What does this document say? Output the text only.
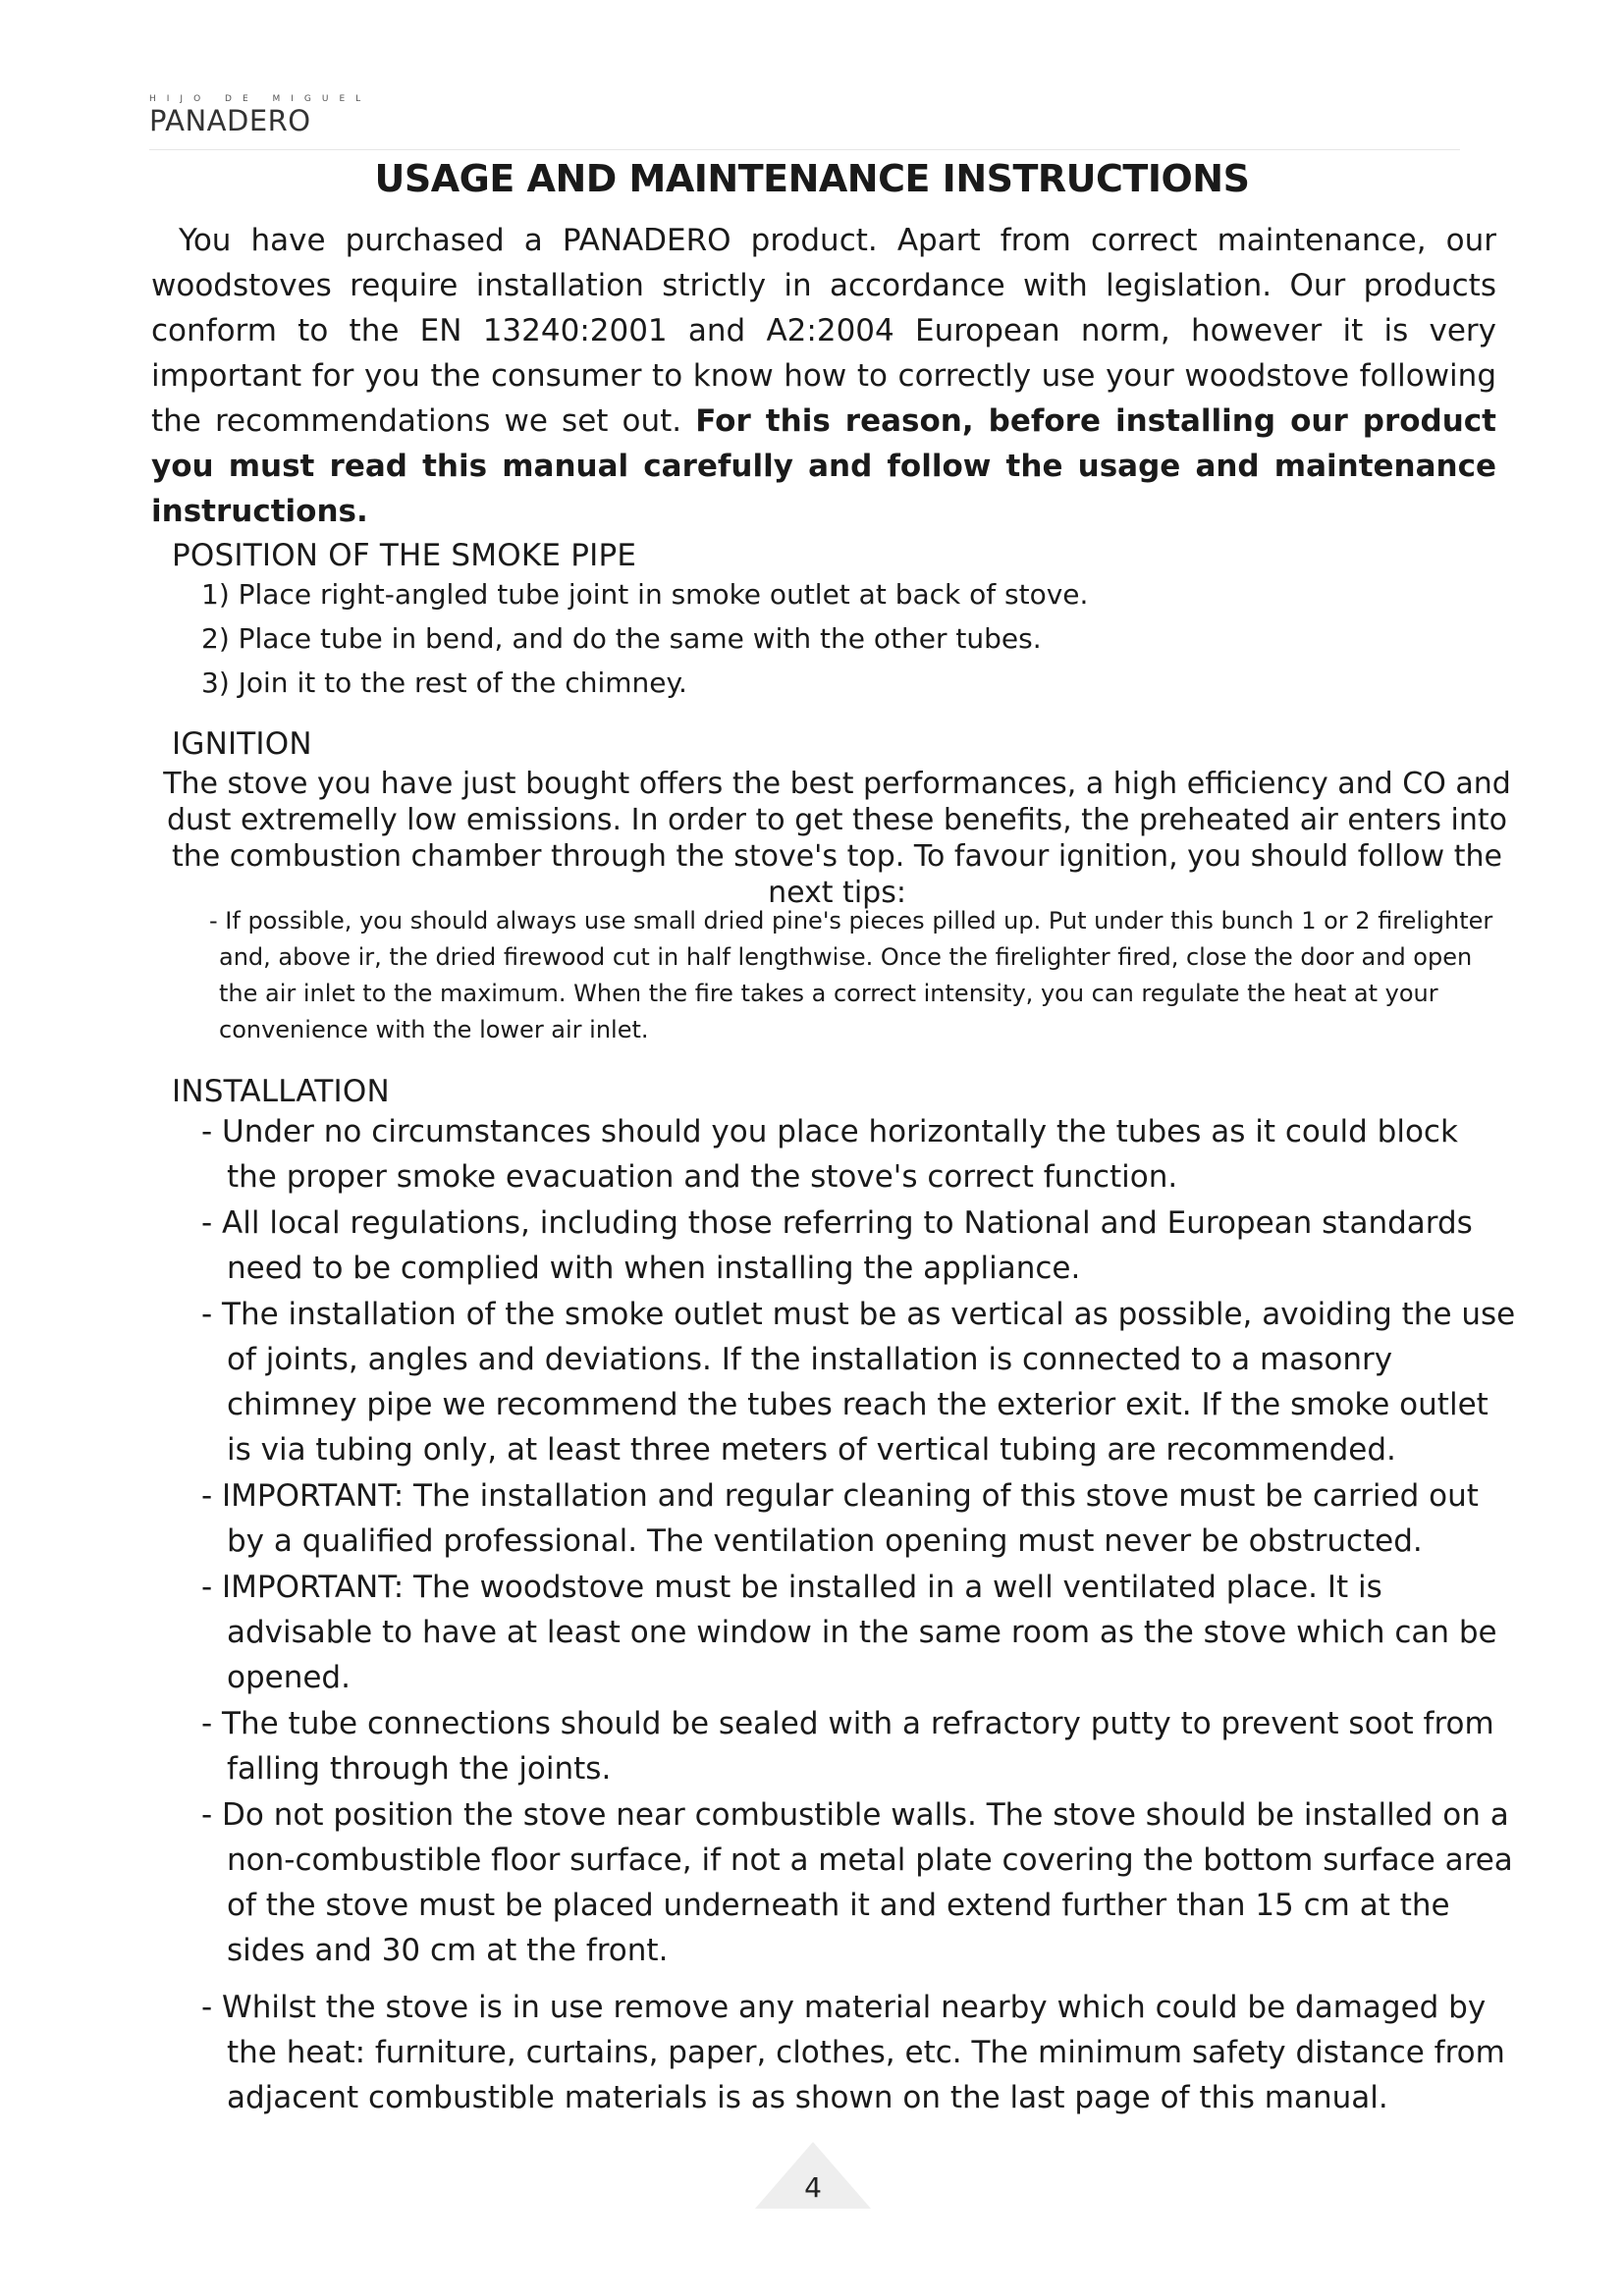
HIJO DE MIGUEL
PANADERO
USAGE AND MAINTENANCE INSTRUCTIONS

You have purchased a PANADERO product. Apart from correct maintenance, our woodstoves require installation strictly in accordance with legislation. Our products conform to the EN 13240:2001 and A2:2004 European norm, however it is very important for you the consumer to know how to correctly use your woodstove following the recommendations we set out. For this reason, before installing our product you must read this manual carefully and follow the usage and maintenance instructions.

POSITION OF THE SMOKE PIPE
1) Place right-angled tube joint in smoke outlet at back of stove.
2) Place tube in bend, and do the same with the other tubes.
3) Join it to the rest of the chimney.
IGNITION

The stove you have just bought offers the best performances, a high efficiency and CO and dust extremelly low emissions. In order to get these benefits, the preheated air enters into the combustion chamber through the stove's top. To favour ignition, you should follow the next tips:

- If possible, you should always use small dried pine's pieces pilled up. Put under this bunch 1 or 2 firelighter and, above ir, the dried firewood cut in half lengthwise. Once the firelighter fired, close the door and open the air inlet to the maximum. When the fire takes a correct intensity, you can regulate the heat at your convenience with the lower air inlet.

INSTALLATION
- Under no circumstances should you place horizontally the tubes as it could block the proper smoke evacuation and the stove's correct function.
- All local regulations, including those referring to National and European standards need to be complied with when installing the appliance.
- The installation of the smoke outlet must be as vertical as possible, avoiding the use of joints, angles and deviations. If the installation is connected to a masonry chimney pipe we recommend the tubes reach the exterior exit. If the smoke outlet is via tubing only, at least three meters of vertical tubing are recommended.
- IMPORTANT: The installation and regular cleaning of this stove must be carried out by a qualified professional. The ventilation opening must never be obstructed.
- IMPORTANT: The woodstove must be installed in a well ventilated place. It is advisable to have at least one window in the same room as the stove which can be opened.
- The tube connections should be sealed with a refractory putty to prevent soot from falling through the joints.
- Do not position the stove near combustible walls. The stove should be installed on a non-combustible floor surface, if not a metal plate covering the bottom surface area of the stove must be placed underneath it and extend further than 15 cm at the sides and 30 cm at the front.
- Whilst the stove is in use remove any material nearby which could be damaged by the heat: furniture, curtains, paper, clothes, etc. The minimum safety distance from adjacent combustible materials is as shown on the last page of this manual.
4
